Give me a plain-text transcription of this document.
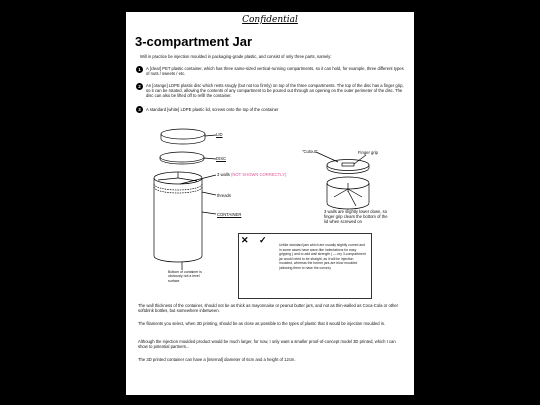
Confidential
3-compartment Jar
Will in practice be injection moulded in packaging-grade plastic, and consist of only three parts, namely:
1	A [clear] PET plastic container, which has three same-sized vertical-running compartments, so it can hold, for example, three different types of nuts / sweets / etc.
2	An [orange] LDPE plastic disc which rests snugly (but not too firmly) on top of the three compartments. The top of the disc has a finger grip, so it can be rotated, allowing the contents of any compartment to be poured out through an opening on the outer perimeter of the disc. The disc can also be lifted off to refill the container.
3	A standard [white] LDPE plastic lid, screws onto the top of the container
LID
DISC
3 walls (NOT SHOWN CORRECTLY)
threads
CONTAINER
Bottom of container is obviously not a level surface
"Cutout"	Finger grip
3 walls are slightly lower down, so finger grip clears the bottom of the lid when screwed on
✕ ✓	Unlike standard jars which are usually slightly curved and in some cases have wave-like indentations for easy gripping ( and to add wall strength ) — my 3-compartment jar would need to be straight, as it will be injection moulded, whereas the former jars are blow moulded (allowing them to have the curves)
The wall thickness of the container, should not be as thick as mayonnaise or peanut butter jars, and not as thin-walled as Coca-Cola or other softdrink bottles, but somewhere inbetween.
The filaments you select, when 3D printing, should be as close as possible to the types of plastic that it would be injection moulded in.
Although the injection moulded product would be much larger, for now, I only want a smaller proof-of-concept model 3D printed, which I can show to potential partners...
The 3D printed container can have a [internal] diameter of 6cm and a height of 12cm.
